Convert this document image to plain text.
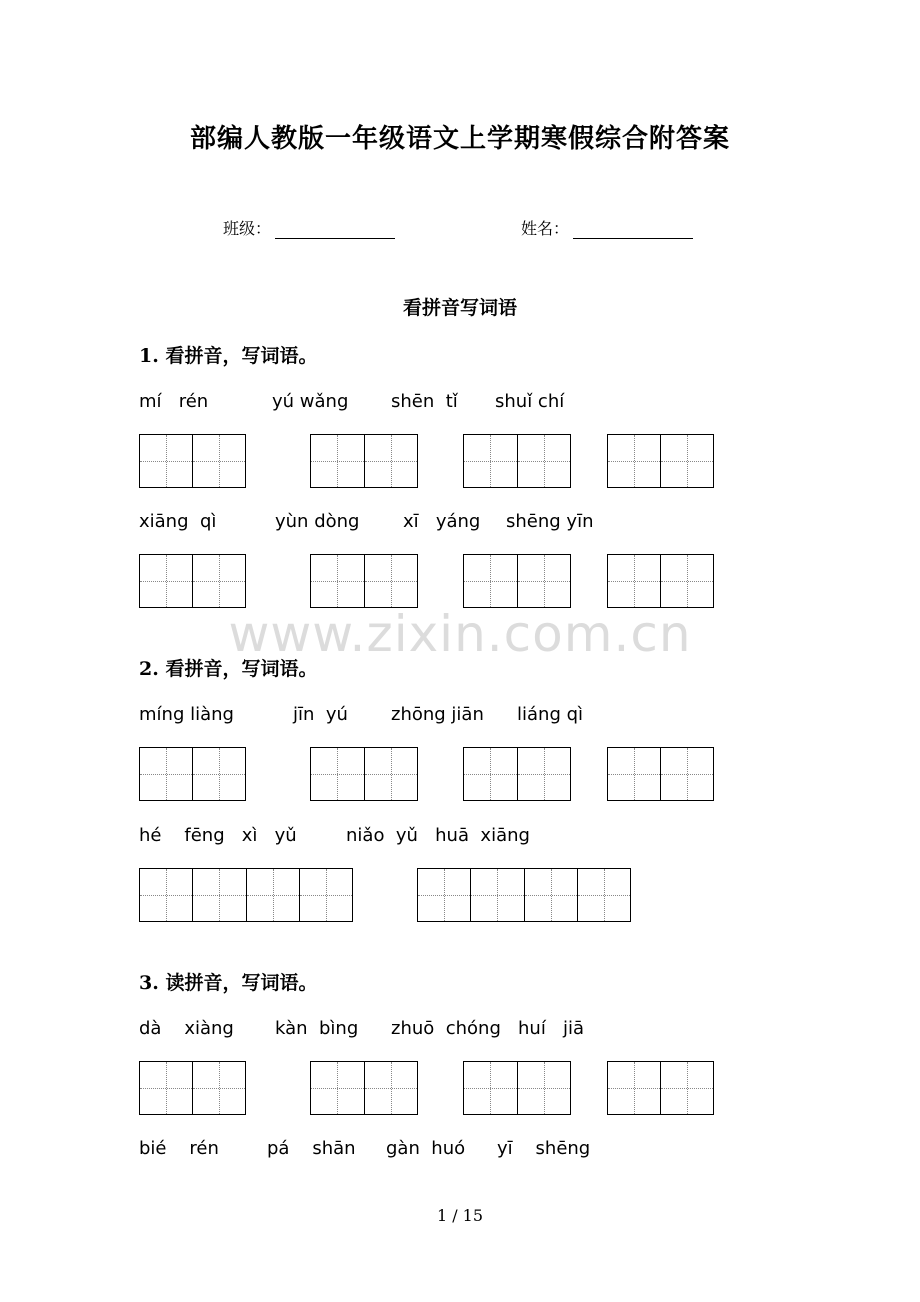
部编人教版一年级语文上学期寒假综合附答案
班级：	姓名：
看拼音写词语
www.zixin.com.cn
1. 看拼音，写词语。
mí   rén	yú wǎng shēn  tǐ shuǐ chí
xiāng  qì	yùn dòng xī   yáng shēng yīn
2. 看拼音，写词语。
míng liàng	jīn  yú zhōng jiān liáng qì
hé    fēng   xì   yǔ	niǎo  yǔ   huā  xiāng
3. 读拼音，写词语。
dà    xiàng kàn  bìng zhuō  chóng huí   jiā
bié    rén	pá    shān gàn  huó yī    shēng
1 / 15
